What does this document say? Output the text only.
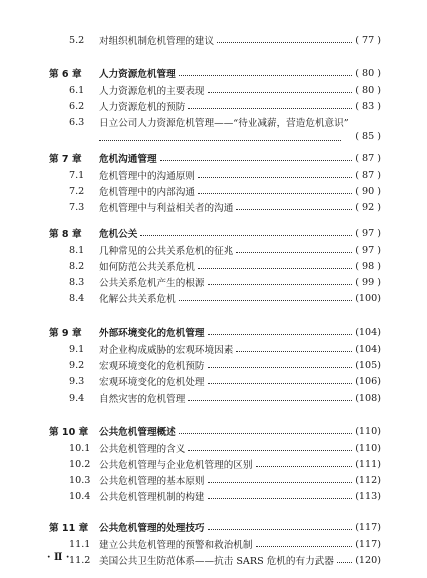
5.2 对组织机制危机管理的建议	( 77 )
第 6 章 人力资源危机管理	( 80 )
6.1 人力资源危机的主要表现	( 80 )
6.2 人力资源危机的预防	( 83 )
6.3 日立公司人力资源危机管理——“待业减薪，营造危机意识”
( 85 )
第 7 章 危机沟通管理	( 87 )
7.1 危机管理中的沟通原则	( 87 )
7.2 危机管理中的内部沟通	( 90 )
7.3 危机管理中与利益相关者的沟通	( 92 )
第 8 章 危机公关	( 97 )
8.1 几种常见的公共关系危机的征兆	( 97 )
8.2 如何防范公共关系危机	( 98 )
8.3 公共关系危机产生的根源	( 99 )
8.4 化解公共关系危机	(100)
第 9 章 外部环境变化的危机管理	(104)
9.1 对企业构成威胁的宏观环境因素	(104)
9.2 宏观环境变化的危机预防	(105)
9.3 宏观环境变化的危机处理	(106)
9.4 自然灾害的危机管理	(108)
第 10 章 公共危机管理概述	(110)
10.1 公共危机管理的含义	(110)
10.2 公共危机管理与企业危机管理的区别	(111)
10.3 公共危机管理的基本原则	(112)
10.4 公共危机管理机制的构建	(113)
第 11 章 公共危机管理的处理技巧	(117)
11.1 建立公共危机管理的预警和救治机制	(117)
11.2 美国公共卫生防范体系——抗击 SARS 危机的有力武器 (120)
· Ⅱ ·
